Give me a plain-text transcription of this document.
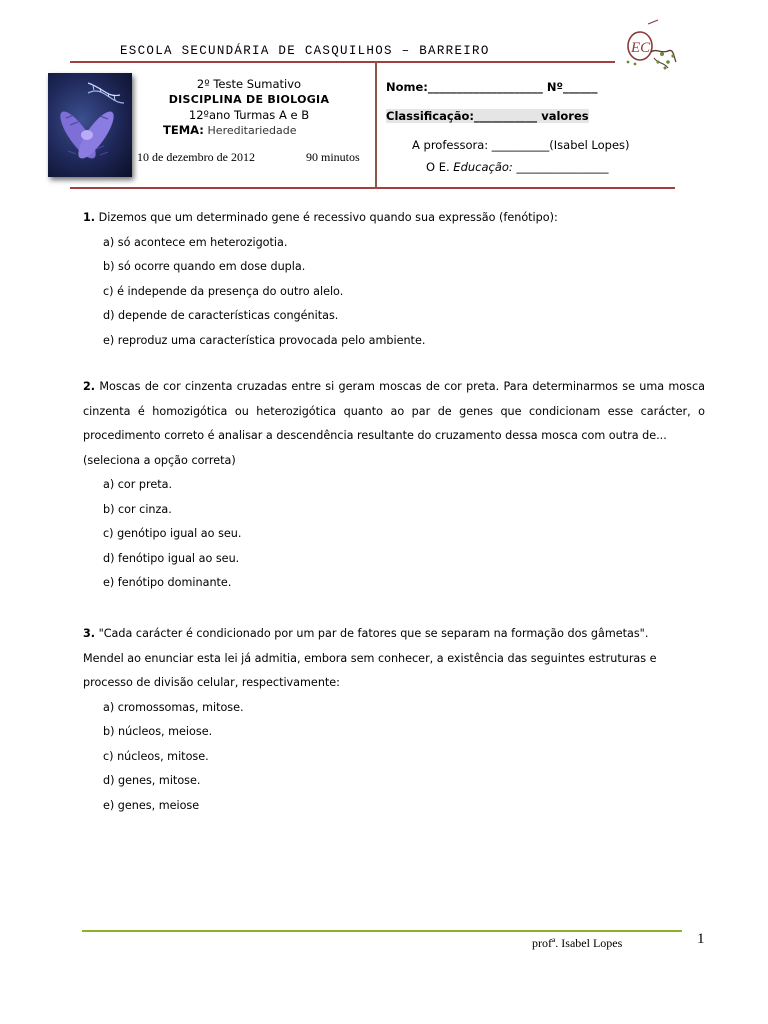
ESCOLA SECUNDÁRIA DE CASQUILHOS – BARREIRO	EC
2º Teste Sumativo
DISCIPLINA DE BIOLOGIA
12ºano Turmas A e B
TEMA: Hereditariedade
10 de dezembro de 2012	90 minutos
Nome:____________________ Nº______
Classificação:___________ valores
A professora: __________(Isabel Lopes)
O E. Educação: ________________

1. Dizemos que um determinado gene é recessivo quando sua expressão (fenótipo):

a) só acontece em heterozigotia.

b) só ocorre quando em dose dupla.

c) é independe da presença do outro alelo.

d) depende de características congénitas.

e) reproduz uma característica provocada pelo ambiente.

2. Moscas de cor cinzenta cruzadas entre si geram moscas de cor preta. Para determinarmos se uma mosca cinzenta é homozigótica ou heterozigótica quanto ao par de genes que condicionam esse carácter, o procedimento correto é analisar a descendência resultante do cruzamento dessa mosca com outra de...

(seleciona a opção correta)

a) cor preta.

b) cor cinza.

c) genótipo igual ao seu.

d) fenótipo igual ao seu.

e) fenótipo dominante.

3. "Cada carácter é condicionado por um par de fatores que se separam na formação dos gâmetas".

Mendel ao enunciar esta lei já admitia, embora sem conhecer, a existência das seguintes estruturas e processo de divisão celular, respectivamente:

a) cromossomas, mitose.

b) núcleos, meiose.

c) núcleos, mitose.

d) genes, mitose.

e) genes, meiose

profª. Isabel Lopes	1
